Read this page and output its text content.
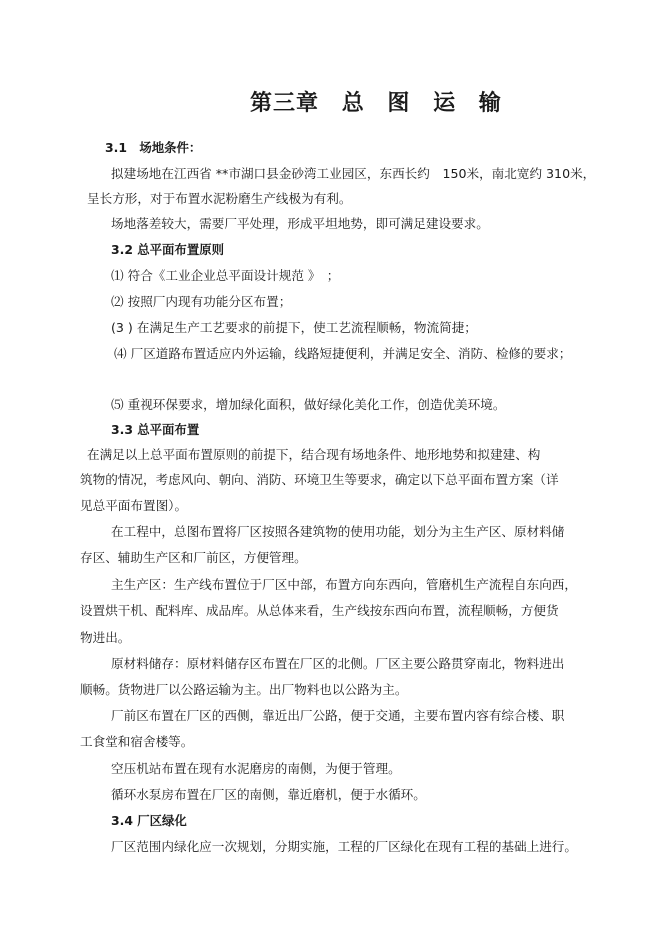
第三章 总 图 运 输
3.1　场地条件：
拟建场地在江西省 **市湖口县金砂湾工业园区，东西长约　150米，南北宽约 310米，
呈长方形，对于布置水泥粉磨生产线极为有利。
场地落差较大，需要厂平处理，形成平坦地势，即可满足建设要求。
3.2 总平面布置原则
⑴ 符合《工业企业总平面设计规范 》　；
⑵ 按照厂内现有功能分区布置；
(3 ) 在满足生产工艺要求的前提下，使工艺流程顺畅，物流简捷；
⑷ 厂区道路布置适应内外运输，线路短捷便利，并满足安全、消防、检修的要求；
⑸ 重视环保要求，增加绿化面积，做好绿化美化工作，创造优美环境。
3.3 总平面布置
在满足以上总平面布置原则的前提下，结合现有场地条件、地形地势和拟建建、构
筑物的情况，考虑风向、朝向、消防、环境卫生等要求，确定以下总平面布置方案（详
见总平面布置图）。
在工程中，总图布置将厂区按照各建筑物的使用功能，划分为主生产区、原材料储
存区、辅助生产区和厂前区，方便管理。
主生产区：生产线布置位于厂区中部，布置方向东西向，管磨机生产流程自东向西，
设置烘干机、配料库、成品库。从总体来看，生产线按东西向布置，流程顺畅，方便货
物进出。
原材料储存：原材料储存区布置在厂区的北侧。厂区主要公路贯穿南北，物料进出
顺畅。货物进厂以公路运输为主。出厂物料也以公路为主。
厂前区布置在厂区的西侧，靠近出厂公路，便于交通，主要布置内容有综合楼、职
工食堂和宿舍楼等。
空压机站布置在现有水泥磨房的南侧，为便于管理。
循环水泵房布置在厂区的南侧，靠近磨机，便于水循环。
3.4 厂区绿化
厂区范围内绿化应一次规划，分期实施，工程的厂区绿化在现有工程的基础上进行。
